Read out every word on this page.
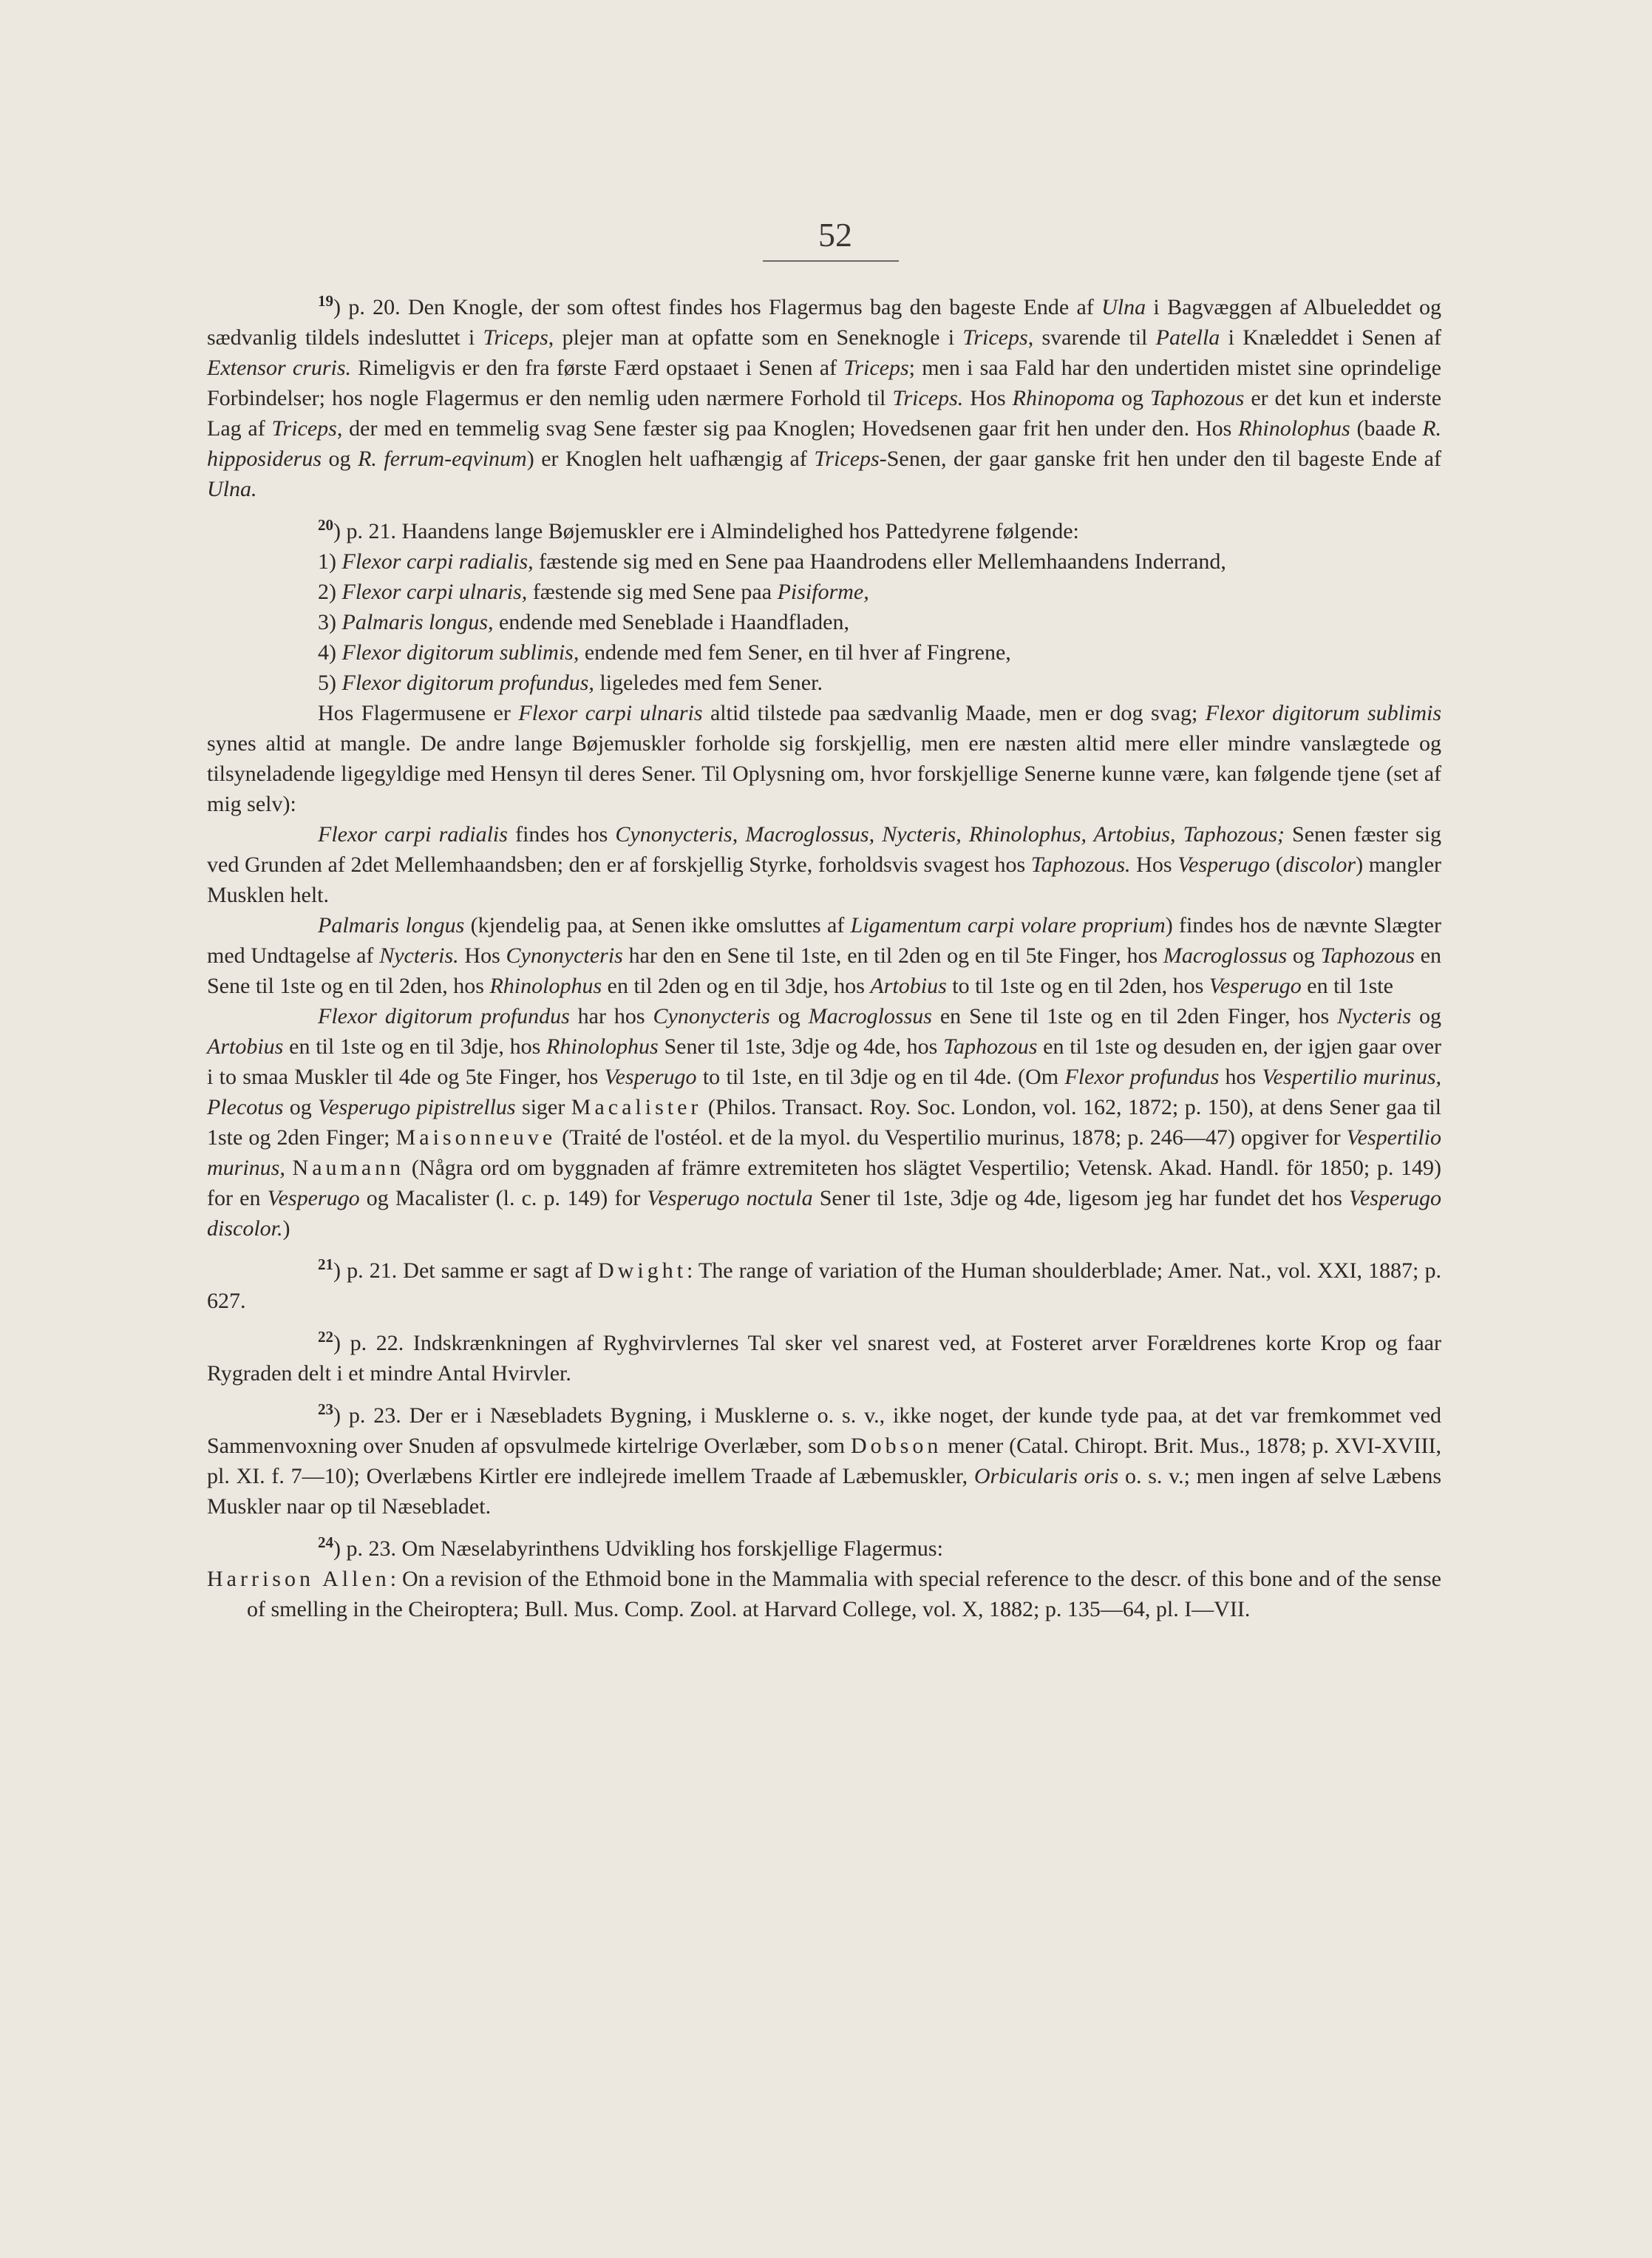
52
$^{19}$) p. 20. Den Knogle, der som oftest findes hos Flagermus bag den bageste Ende af Ulna i Bagvæggen af Albueleddet og sædvanlig tildels indesluttet i Triceps, plejer man at opfatte som en Seneknogle i Triceps, svarende til Patella i Knæleddet i Senen af Extensor cruris. Rimeligvis er den fra første Færd opstaaet i Senen af Triceps; men i saa Fald har den undertiden mistet sine oprindelige Forbindelser; hos nogle Flagermus er den nemlig uden nærmere Forhold til Triceps. Hos Rhinopoma og Taphozous er det kun et inderste Lag af Triceps, der med en temmelig svag Sene fæster sig paa Knoglen; Hovedsenen gaar frit hen under den. Hos Rhinolophus (baade R. hipposiderus og R. ferrum-eqvinum) er Knoglen helt uafhængig af Triceps-Senen, der gaar ganske frit hen under den til bageste Ende af Ulna.

$^{20}$) p. 21. Haandens lange Bøjemuskler ere i Almindelighed hos Pattedyrene følgende:

1) Flexor carpi radialis, fæstende sig med en Sene paa Haandrodens eller Mellemhaandens Inderrand,

2) Flexor carpi ulnaris, fæstende sig med Sene paa Pisiforme,

3) Palmaris longus, endende med Seneblade i Haandfladen,

4) Flexor digitorum sublimis, endende med fem Sener, en til hver af Fingrene,

5) Flexor digitorum profundus, ligeledes med fem Sener.

Hos Flagermusene er Flexor carpi ulnaris altid tilstede paa sædvanlig Maade, men er dog svag; Flexor digitorum sublimis synes altid at mangle. De andre lange Bøjemuskler forholde sig forskjellig, men ere næsten altid mere eller mindre vanslægtede og tilsyneladende ligegyldige med Hensyn til deres Sener. Til Oplysning om, hvor forskjellige Senerne kunne være, kan følgende tjene (set af mig selv):

Flexor carpi radialis findes hos Cynonycteris, Macroglossus, Nycteris, Rhinolophus, Artobius, Taphozous; Senen fæster sig ved Grunden af 2det Mellemhaandsben; den er af forskjellig Styrke, forholdsvis svagest hos Taphozous. Hos Vesperugo (discolor) mangler Musklen helt.

Palmaris longus (kjendelig paa, at Senen ikke omsluttes af Ligamentum carpi volare proprium) findes hos de nævnte Slægter med Undtagelse af Nycteris. Hos Cynonycteris har den en Sene til 1ste, en til 2den og en til 5te Finger, hos Macroglossus og Taphozous en Sene til 1ste og en til 2den, hos Rhinolophus en til 2den og en til 3dje, hos Artobius to til 1ste og en til 2den, hos Vesperugo en til 1ste

Flexor digitorum profundus har hos Cynonycteris og Macroglossus en Sene til 1ste og en til 2den Finger, hos Nycteris og Artobius en til 1ste og en til 3dje, hos Rhinolophus Sener til 1ste, 3dje og 4de, hos Taphozous en til 1ste og desuden en, der igjen gaar over i to smaa Muskler til 4de og 5te Finger, hos Vesperugo to til 1ste, en til 3dje og en til 4de. (Om Flexor profundus hos Vespertilio murinus, Plecotus og Vesperugo pipistrellus siger Macalister (Philos. Transact. Roy. Soc. London, vol. 162, 1872; p. 150), at dens Sener gaa til 1ste og 2den Finger; Maisonneuve (Traité de l'ostéol. et de la myol. du Vespertilio murinus, 1878; p. 246—47) opgiver for Vespertilio murinus, Naumann (Några ord om byggnaden af främre extremiteten hos slägtet Vespertilio; Vetensk. Akad. Handl. för 1850; p. 149) for en Vesperugo og Macalister (l. c. p. 149) for Vesperugo noctula Sener til 1ste, 3dje og 4de, ligesom jeg har fundet det hos Vesperugo discolor.)

$^{21}$) p. 21. Det samme er sagt af Dwight: The range of variation of the Human shoulderblade; Amer. Nat., vol. XXI, 1887; p. 627.
$^{22}$) p. 22. Indskrænkningen af Ryghvirvlernes Tal sker vel snarest ved, at Fosteret arver Forældrenes korte Krop og faar Rygraden delt i et mindre Antal Hvirvler.
$^{23}$) p. 23. Der er i Næsebladets Bygning, i Musklerne o. s. v., ikke noget, der kunde tyde paa, at det var fremkommet ved Sammenvoxning over Snuden af opsvulmede kirtelrige Overlæber, som Dobson mener (Catal. Chiropt. Brit. Mus., 1878; p. XVI-XVIII, pl. XI. f. 7—10); Overlæbens Kirtler ere indlejrede imellem Traade af Læbemuskler, Orbicularis oris o. s. v.; men ingen af selve Læbens Muskler naar op til Næsebladet.

$^{24}$) p. 23. Om Næselabyrinthens Udvikling hos forskjellige Flagermus:

Harrison Allen: On a revision of the Ethmoid bone in the Mammalia with special reference to the descr. of this bone and of the sense of smelling in the Cheiroptera; Bull. Mus. Comp. Zool. at Harvard College, vol. X, 1882; p. 135—64, pl. I—VII.
